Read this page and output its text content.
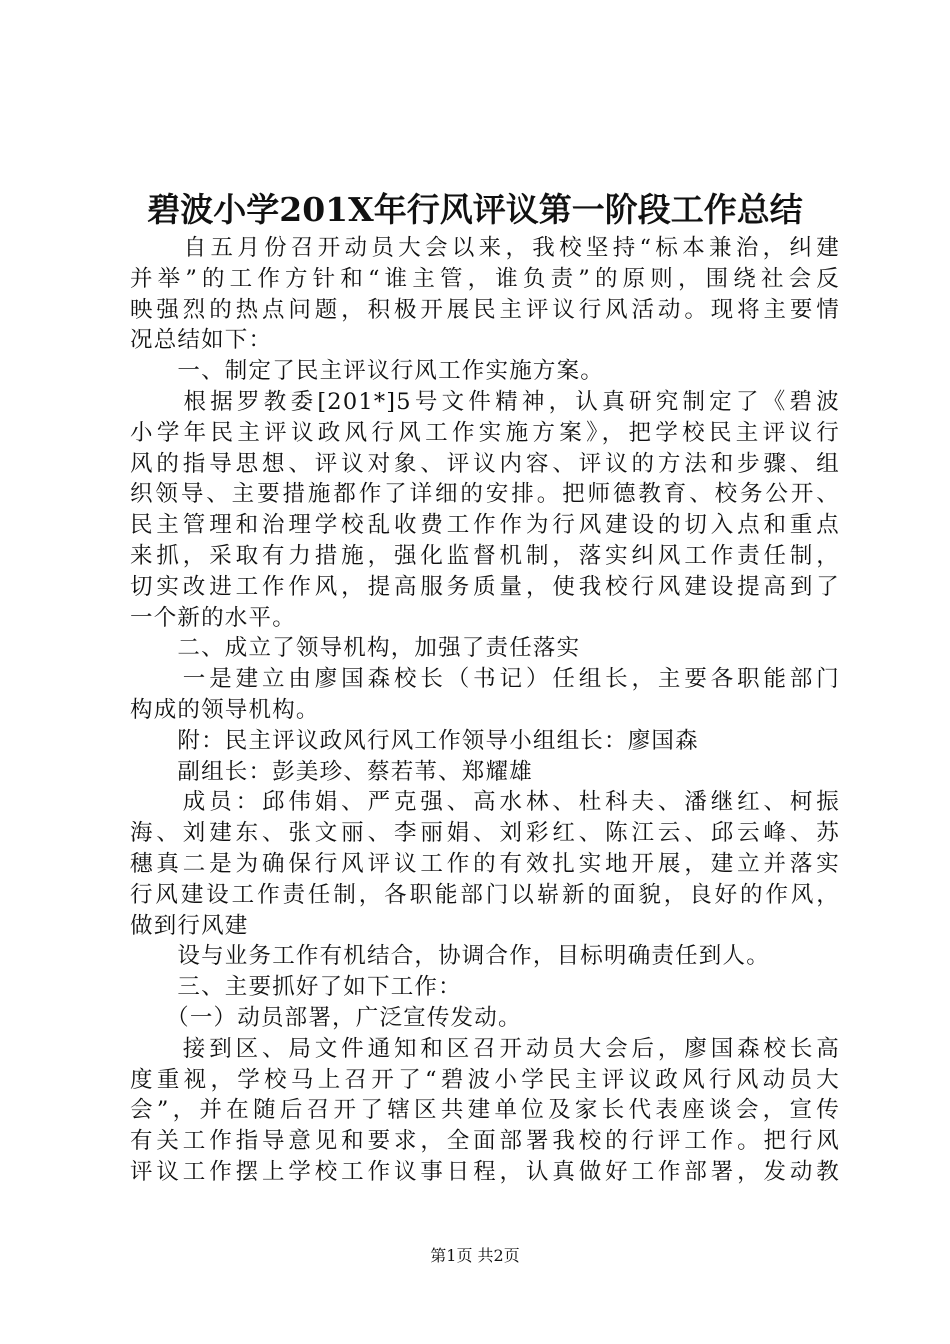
碧波小学201X年行风评议第一阶段工作总结
　　自五月份召开动员大会以来，我校坚持“标本兼治，纠建
并举”的工作方针和“谁主管，谁负责”的原则，围绕社会反
映强烈的热点问题，积极开展民主评议行风活动。现将主要情
况总结如下：
　　一、制定了民主评议行风工作实施方案。
　　根据罗教委[201*]5号文件精神，认真研究制定了《碧波
小学年民主评议政风行风工作实施方案》，把学校民主评议行
风的指导思想、评议对象、评议内容、评议的方法和步骤、组
织领导、主要措施都作了详细的安排。把师德教育、校务公开、
民主管理和治理学校乱收费工作作为行风建设的切入点和重点
来抓，采取有力措施，强化监督机制，落实纠风工作责任制，
切实改进工作作风，提高服务质量，使我校行风建设提高到了
一个新的水平。
　　二、成立了领导机构，加强了责任落实
　　一是建立由廖国森校长（书记）任组长，主要各职能部门
构成的领导机构。
　　附：民主评议政风行风工作领导小组组长：廖国森
　　副组长：彭美珍、蔡若苇、郑耀雄
　　成员：邱伟娟、严克强、高水林、杜科夫、潘继红、柯振
海、刘建东、张文丽、李丽娟、刘彩红、陈江云、邱云峰、苏
穗真二是为确保行风评议工作的有效扎实地开展，建立并落实
行风建设工作责任制，各职能部门以崭新的面貌，良好的作风，
做到行风建
　　设与业务工作有机结合，协调合作，目标明确责任到人。
　　三、主要抓好了如下工作：
　　（一）动员部署，广泛宣传发动。
　　接到区、局文件通知和区召开动员大会后，廖国森校长高
度重视，学校马上召开了“碧波小学民主评议政风行风动员大
会”，并在随后召开了辖区共建单位及家长代表座谈会，宣传
有关工作指导意见和要求，全面部署我校的行评工作。把行风
评议工作摆上学校工作议事日程，认真做好工作部署，发动教
第1页 共2页
